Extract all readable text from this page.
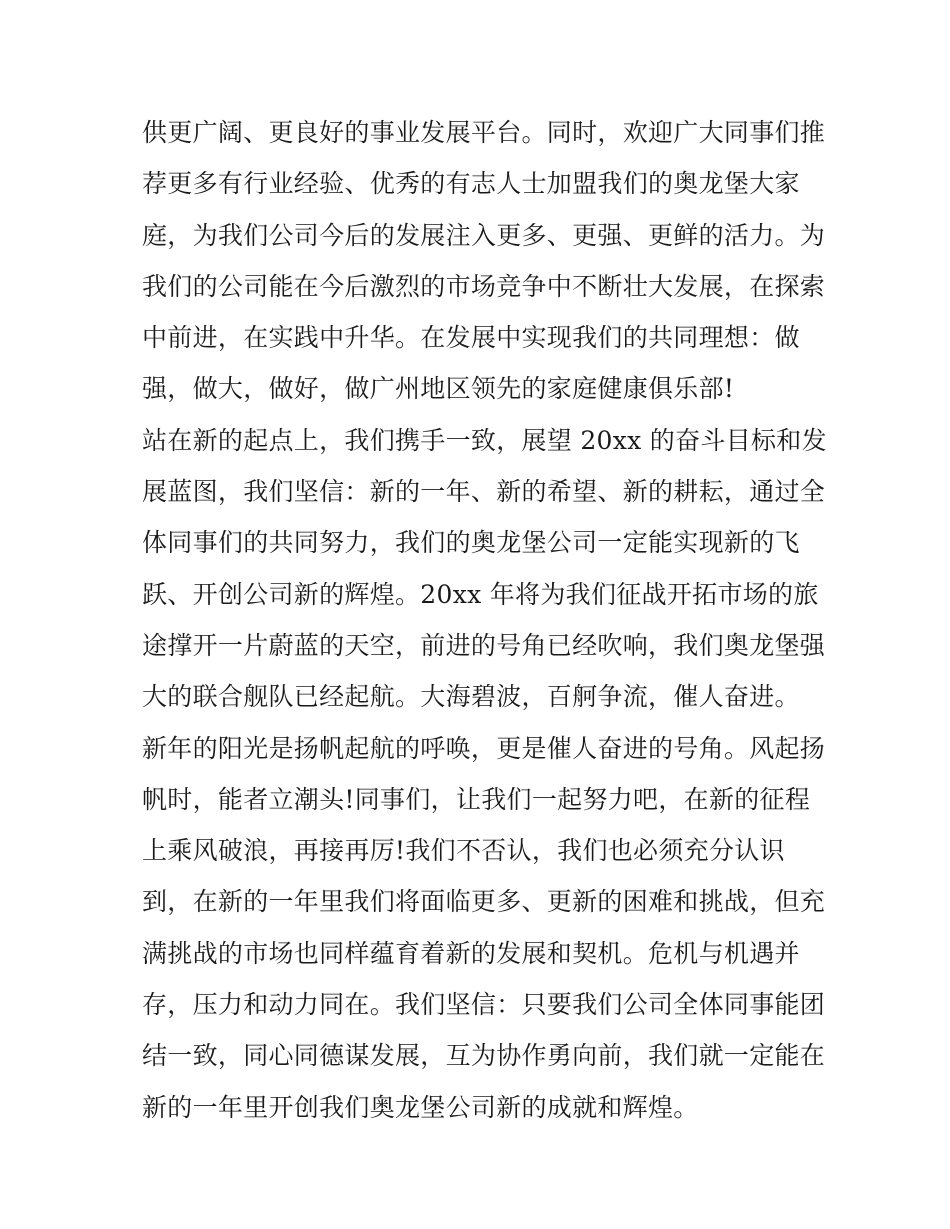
供更广阔、更良好的事业发展平台。同时，欢迎广大同事们推
荐更多有行业经验、优秀的有志人士加盟我们的奥龙堡大家
庭，为我们公司今后的发展注入更多、更强、更鲜的活力。为
我们的公司能在今后激烈的市场竞争中不断壮大发展，在探索
中前进，在实践中升华。在发展中实现我们的共同理想：做
强，做大，做好，做广州地区领先的家庭健康俱乐部!
站在新的起点上，我们携手一致，展望 20xx 的奋斗目标和发
展蓝图，我们坚信：新的一年、新的希望、新的耕耘，通过全
体同事们的共同努力，我们的奥龙堡公司一定能实现新的飞
跃、开创公司新的辉煌。20xx 年将为我们征战开拓市场的旅
途撑开一片蔚蓝的天空，前进的号角已经吹响，我们奥龙堡强
大的联合舰队已经起航。大海碧波，百舸争流，催人奋进。
新年的阳光是扬帆起航的呼唤，更是催人奋进的号角。风起扬
帆时，能者立潮头!同事们，让我们一起努力吧，在新的征程
上乘风破浪，再接再厉!我们不否认，我们也必须充分认识
到，在新的一年里我们将面临更多、更新的困难和挑战，但充
满挑战的市场也同样蕴育着新的发展和契机。危机与机遇并
存，压力和动力同在。我们坚信：只要我们公司全体同事能团
结一致，同心同德谋发展，互为协作勇向前，我们就一定能在
新的一年里开创我们奥龙堡公司新的成就和辉煌。
